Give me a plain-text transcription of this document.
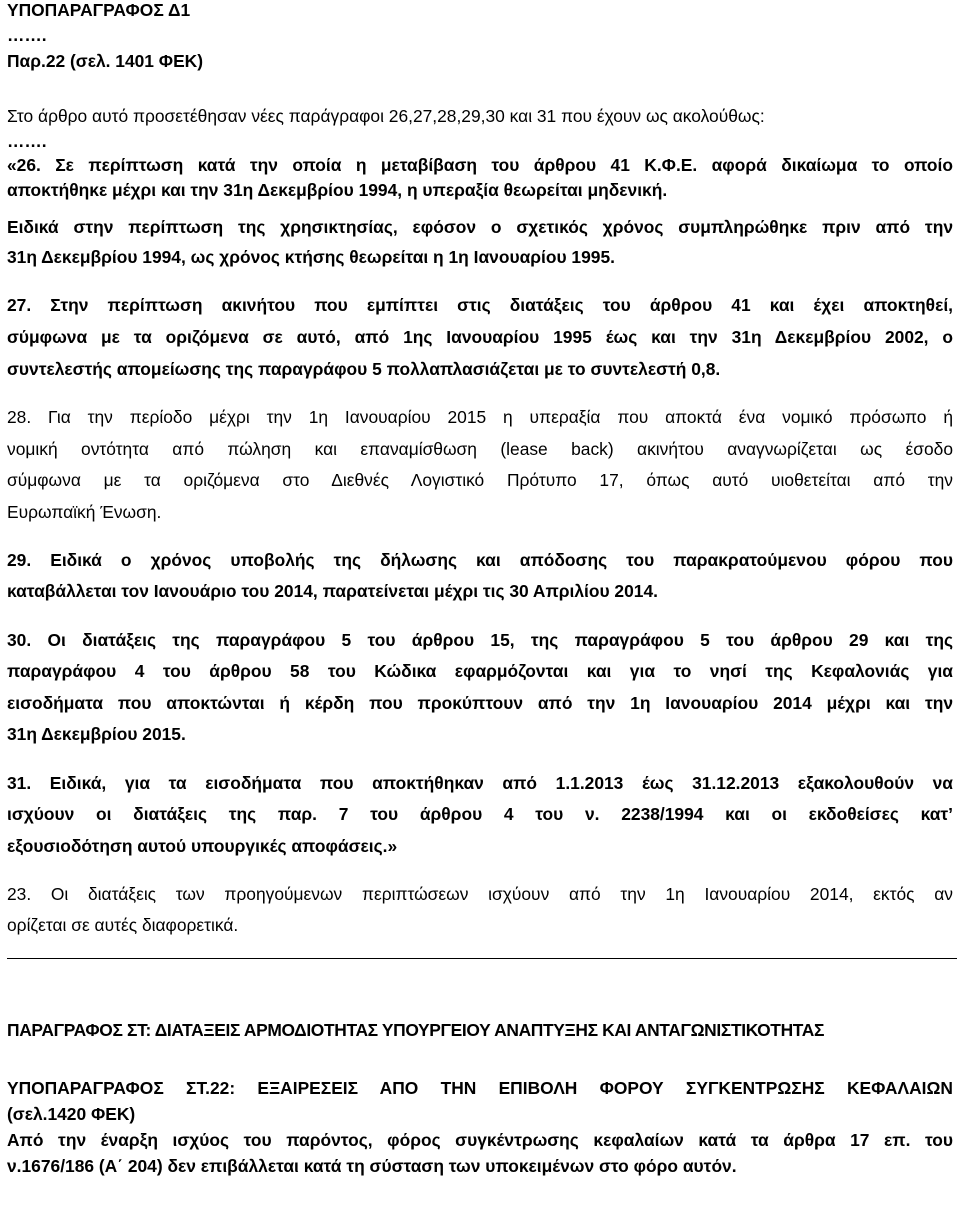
ΥΠΟΠΑΡΑΓΡΑΦΟΣ Δ1
…….
Παρ.22 (σελ. 1401 ΦΕΚ)
Στο άρθρο αυτό προσετέθησαν νέες παράγραφοι 26,27,28,29,30 και 31 που έχουν ως ακολούθως:
…….
«26. Σε περίπτωση κατά την οποία η μεταβίβαση του άρθρου 41 Κ.Φ.Ε. αφορά δικαίωμα το οποίο
αποκτήθηκε μέχρι και την 31η Δεκεμβρίου 1994, η υπεραξία θεωρείται μηδενική.
Ειδικά στην περίπτωση της χρησικτησίας, εφόσον ο σχετικός χρόνος συμπληρώθηκε πριν από την
31η Δεκεμβρίου 1994, ως χρόνος κτήσης θεωρείται η 1η Ιανουαρίου 1995.
27. Στην περίπτωση ακινήτου που εμπίπτει στις διατάξεις του άρθρου 41 και έχει αποκτηθεί,
σύμφωνα με τα οριζόμενα σε αυτό, από 1ης Ιανουαρίου 1995 έως και την 31η Δεκεμβρίου 2002, ο
συντελεστής απομείωσης της παραγράφου 5 πολλαπλασιάζεται με το συντελεστή 0,8.
28. Για την περίοδο μέχρι την 1η Ιανουαρίου 2015 η υπεραξία που αποκτά ένα νομικό πρόσωπο ή
νομική οντότητα από πώληση και επαναμίσθωση (lease back) ακινήτου αναγνωρίζεται ως έσοδο
σύμφωνα με τα οριζόμενα στο Διεθνές Λογιστικό Πρότυπο 17, όπως αυτό υιοθετείται από την
Ευρωπαϊκή Ένωση.
29. Ειδικά ο χρόνος υποβολής της δήλωσης και απόδοσης του παρακρατούμενου φόρου που
καταβάλλεται τον Ιανουάριο του 2014, παρατείνεται μέχρι τις 30 Απριλίου 2014.
30. Οι διατάξεις της παραγράφου 5 του άρθρου 15, της παραγράφου 5 του άρθρου 29 και της
παραγράφου 4 του άρθρου 58 του Κώδικα εφαρμόζονται και για το νησί της Κεφαλονιάς για
εισοδήματα που αποκτώνται ή κέρδη που προκύπτουν από την 1η Ιανουαρίου 2014 μέχρι και την
31η Δεκεμβρίου 2015.
31. Ειδικά, για τα εισοδήματα που αποκτήθηκαν από 1.1.2013 έως 31.12.2013 εξακολουθούν να
ισχύουν οι διατάξεις της παρ. 7 του άρθρου 4 του ν. 2238/1994 και οι εκδοθείσες κατ’
εξουσιοδότηση αυτού υπουργικές αποφάσεις.»
23. Οι διατάξεις των προηγούμενων περιπτώσεων ισχύουν από την 1η Ιανουαρίου 2014, εκτός αν
ορίζεται σε αυτές διαφορετικά.
ΠΑΡΑΓΡΑΦΟΣ ΣΤ: ΔΙΑΤΑΞΕΙΣ ΑΡΜΟΔΙΟΤΗΤΑΣ ΥΠΟΥΡΓΕΙΟΥ ΑΝΑΠΤΥΞΗΣ ΚΑΙ ΑΝΤΑΓΩΝΙΣΤΙΚΟΤΗΤΑΣ
ΥΠΟΠΑΡΑΓΡΑΦΟΣ ΣΤ.22: ΕΞΑΙΡΕΣΕΙΣ ΑΠΟ ΤΗΝ ΕΠΙΒΟΛΗ ΦΟΡΟΥ ΣΥΓΚΕΝΤΡΩΣΗΣ ΚΕΦΑΛΑΙΩΝ
(σελ.1420 ΦΕΚ)
Από την έναρξη ισχύος του παρόντος, φόρος συγκέντρωσης κεφαλαίων κατά τα άρθρα 17 επ. του
ν.1676/186 (Α΄ 204) δεν επιβάλλεται κατά τη σύσταση των υποκειμένων στο φόρο αυτόν.
